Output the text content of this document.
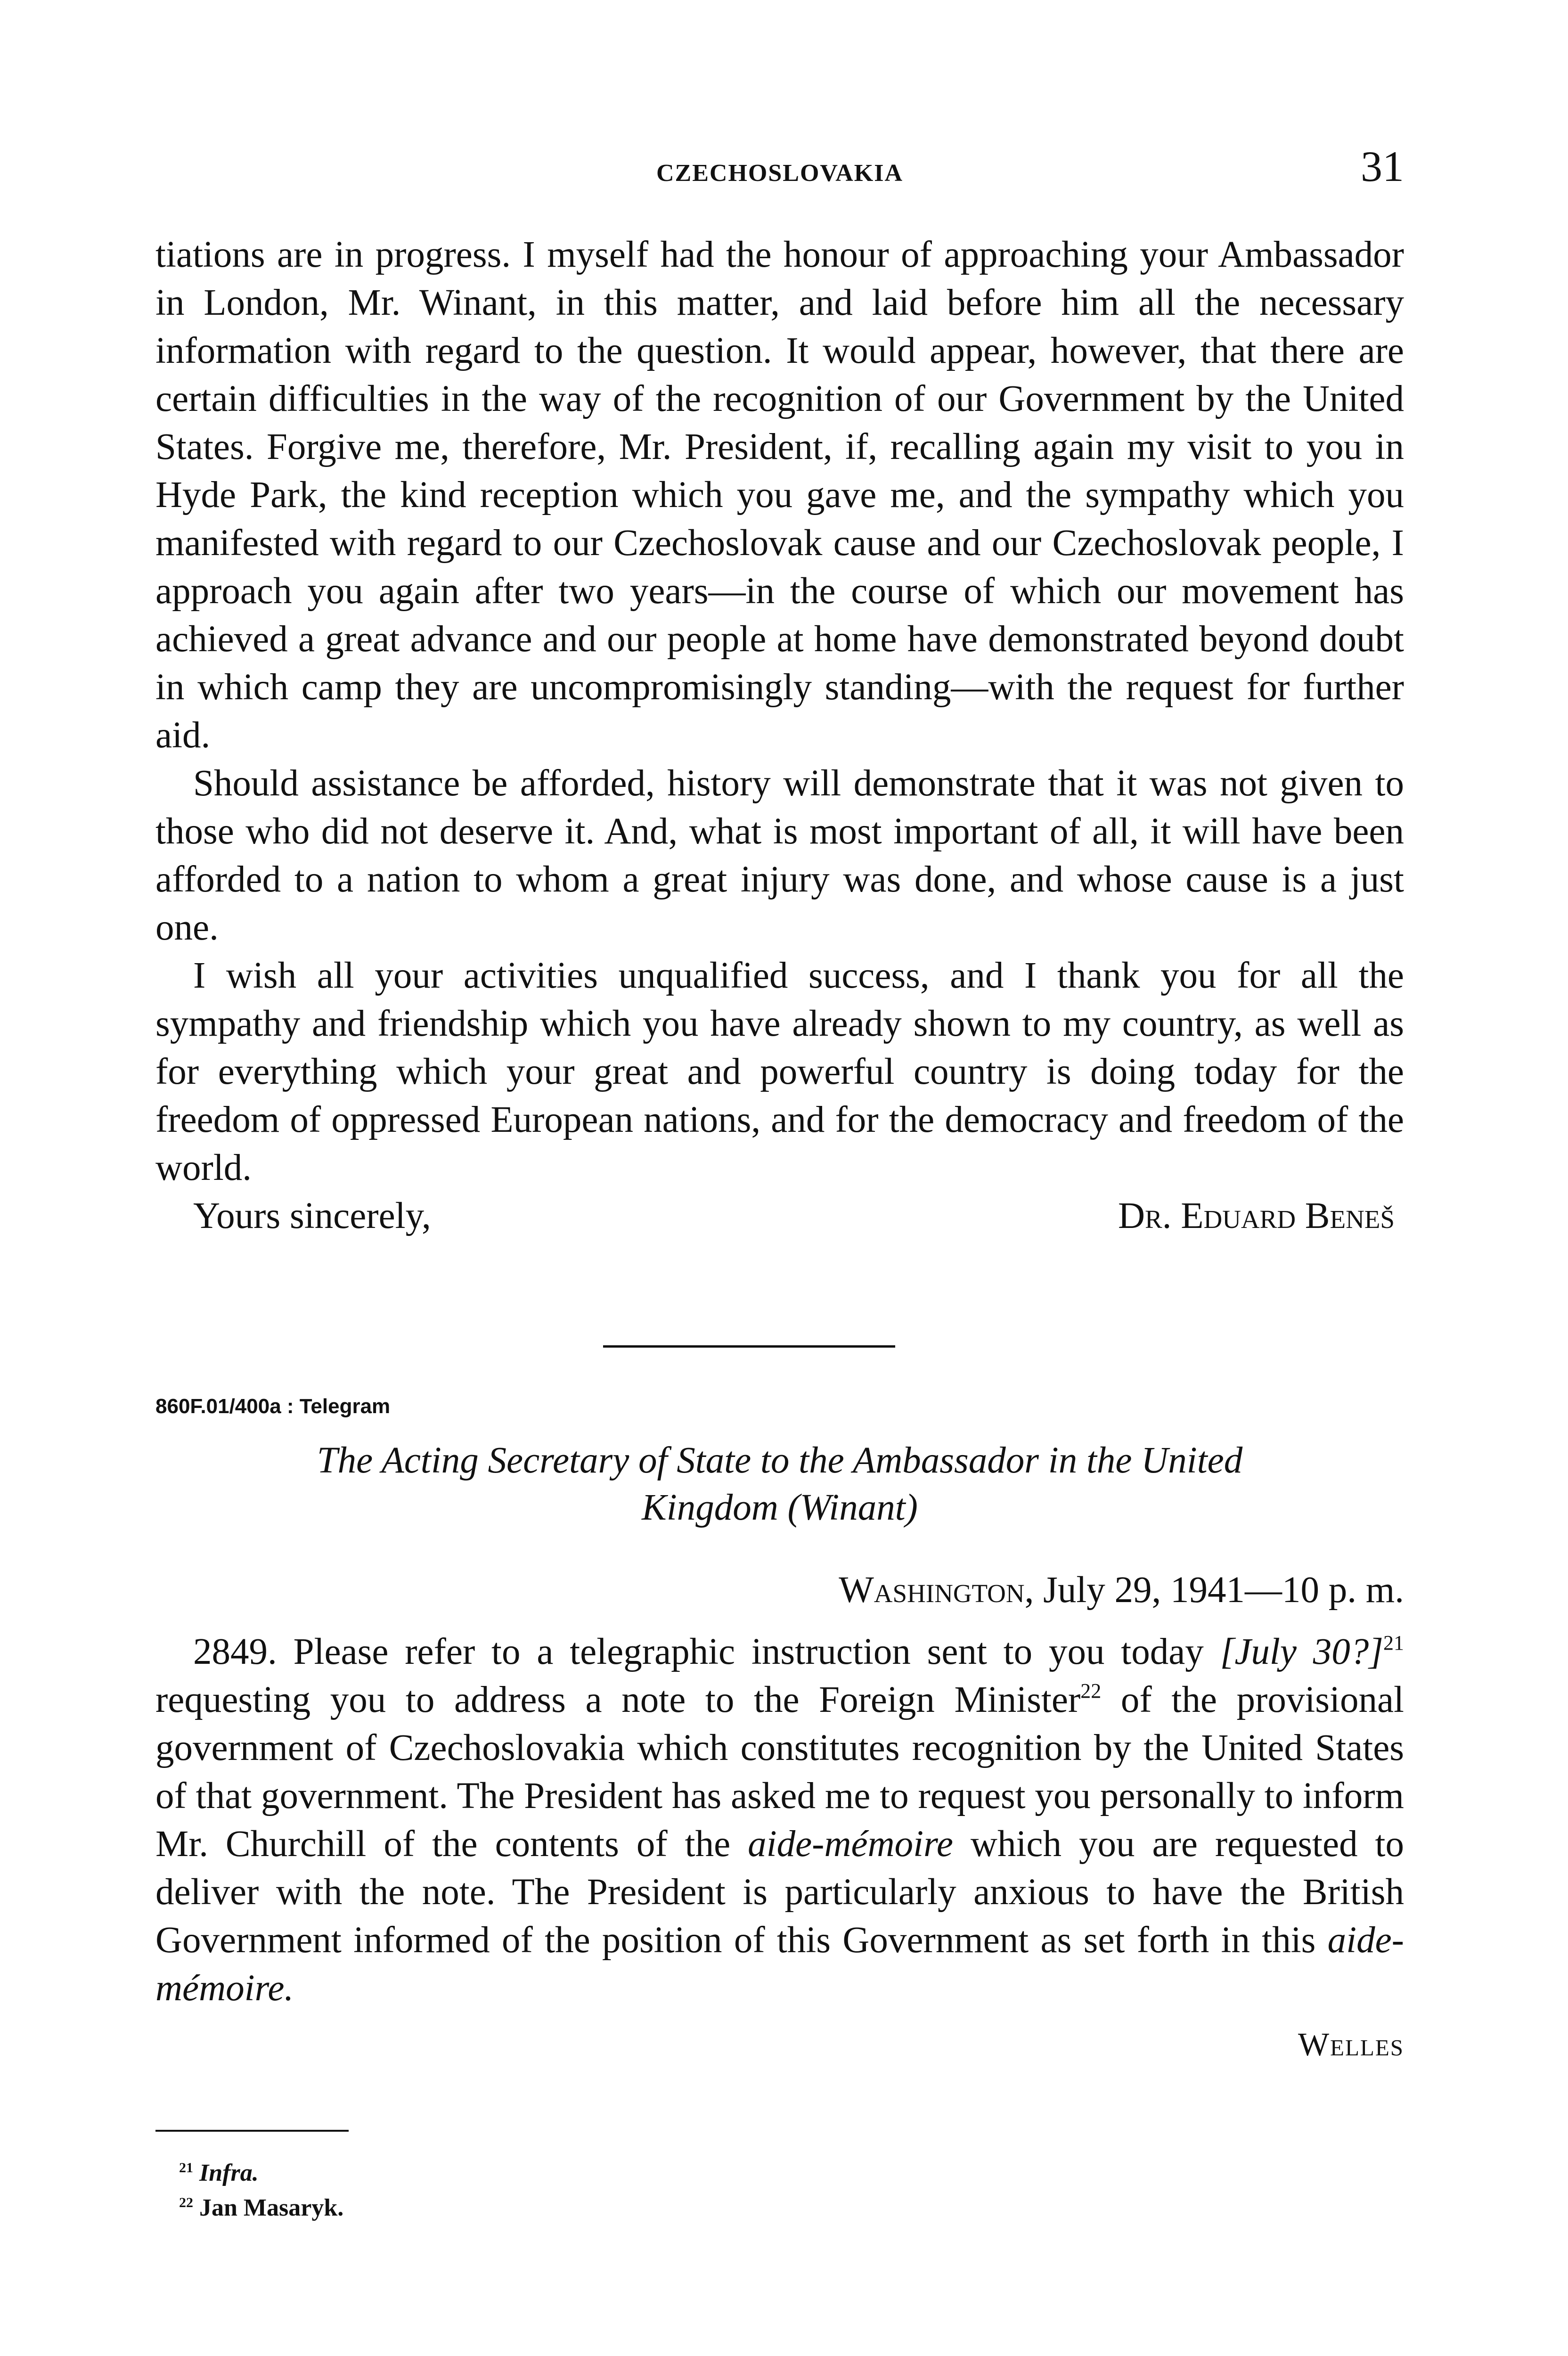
CZECHOSLOVAKIA	31

tiations are in progress. I myself had the honour of approaching your Ambassador in London, Mr. Winant, in this matter, and laid before him all the necessary information with regard to the question. It would appear, however, that there are certain difficulties in the way of the recognition of our Government by the United States. Forgive me, therefore, Mr. President, if, recalling again my visit to you in Hyde Park, the kind reception which you gave me, and the sympathy which you manifested with regard to our Czechoslovak cause and our Czechoslovak people, I approach you again after two years—in the course of which our movement has achieved a great advance and our people at home have demonstrated beyond doubt in which camp they are uncompromisingly standing—with the request for further aid.

Should assistance be afforded, history will demonstrate that it was not given to those who did not deserve it. And, what is most important of all, it will have been afforded to a nation to whom a great injury was done, and whose cause is a just one.

I wish all your activities unqualified success, and I thank you for all the sympathy and friendship which you have already shown to my country, as well as for everything which your great and powerful country is doing today for the freedom of oppressed European nations, and for the democracy and freedom of the world.

Yours sincerely,	Dr. Eduard Beneš
860F.01/400a : Telegram
The Acting Secretary of State to the Ambassador in the United
Kingdom (Winant)
Washington, July 29, 1941—10 p. m.

2849. Please refer to a telegraphic instruction sent to you today [July 30?]$^{21}$ requesting you to address a note to the Foreign Minister$^{22}$ of the provisional government of Czechoslovakia which constitutes recognition by the United States of that government. The President has asked me to request you personally to inform Mr. Churchill of the contents of the aide-mémoire which you are requested to deliver with the note. The President is particularly anxious to have the British Government informed of the position of this Government as set forth in this aide-mémoire.

Welles
$^{21}$ Infra.
$^{22}$ Jan Masaryk.
